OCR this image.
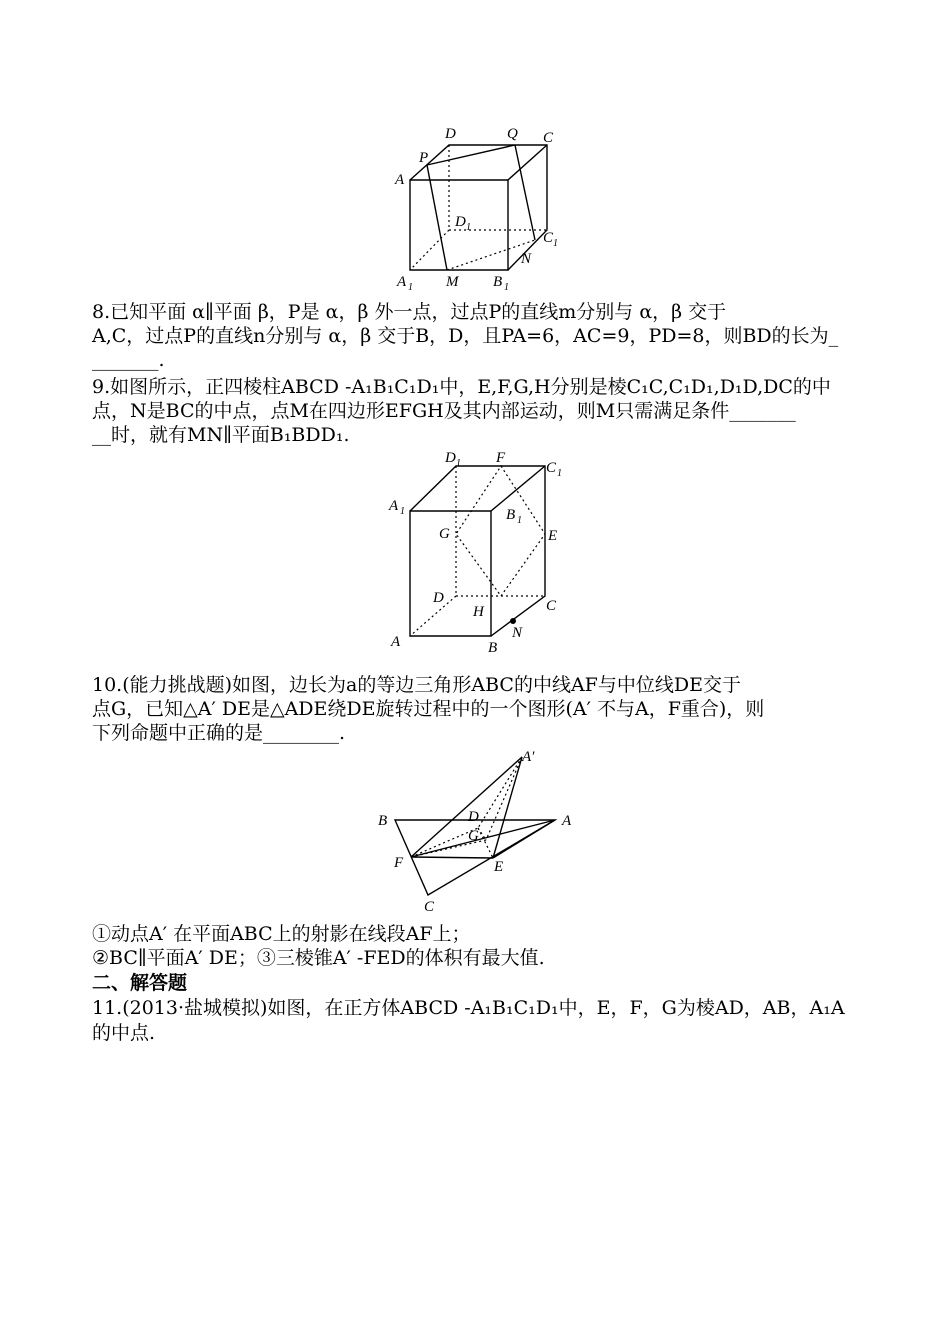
D	Q C
P
A
D 1
C 1
A 1 M B 1
N
8.已知平面 α∥平面 β，P是 α，β 外一点，过点P的直线m分别与 α，β 交于
A,C，过点P的直线n分别与 α，β 交于B，D，且PA=6，AC=9，PD=8，则BD的长为_
_______.
9.如图所示，正四棱柱ABCD -A₁B₁C₁D₁中，E,F,G,H分别是棱C₁C,C₁D₁,D₁D,DC的中
点，N是BC的中点，点M在四边形EFGH及其内部运动，则M只需满足条件_______
__时，就有MN∥平面B₁BDD₁.
D 1 F
C 1
A 1	B 1
G	E
D
H	C
A
N
B
10.(能力挑战题)如图，边长为a的等边三角形ABC的中线AF与中位线DE交于
点G，已知△A′ DE是△ADE绕DE旋转过程中的一个图形(A′ 不与A，F重合)，则
下列命题中正确的是________.
A′
B	D	A
G
F	E
C
①动点A′ 在平面ABC上的射影在线段AF上；
②BC∥平面A′ DE；③三棱锥A′ -FED的体积有最大值.
二、解答题
11.(2013·盐城模拟)如图，在正方体ABCD -A₁B₁C₁D₁中，E，F，G为棱AD，AB，A₁A
的中点.
